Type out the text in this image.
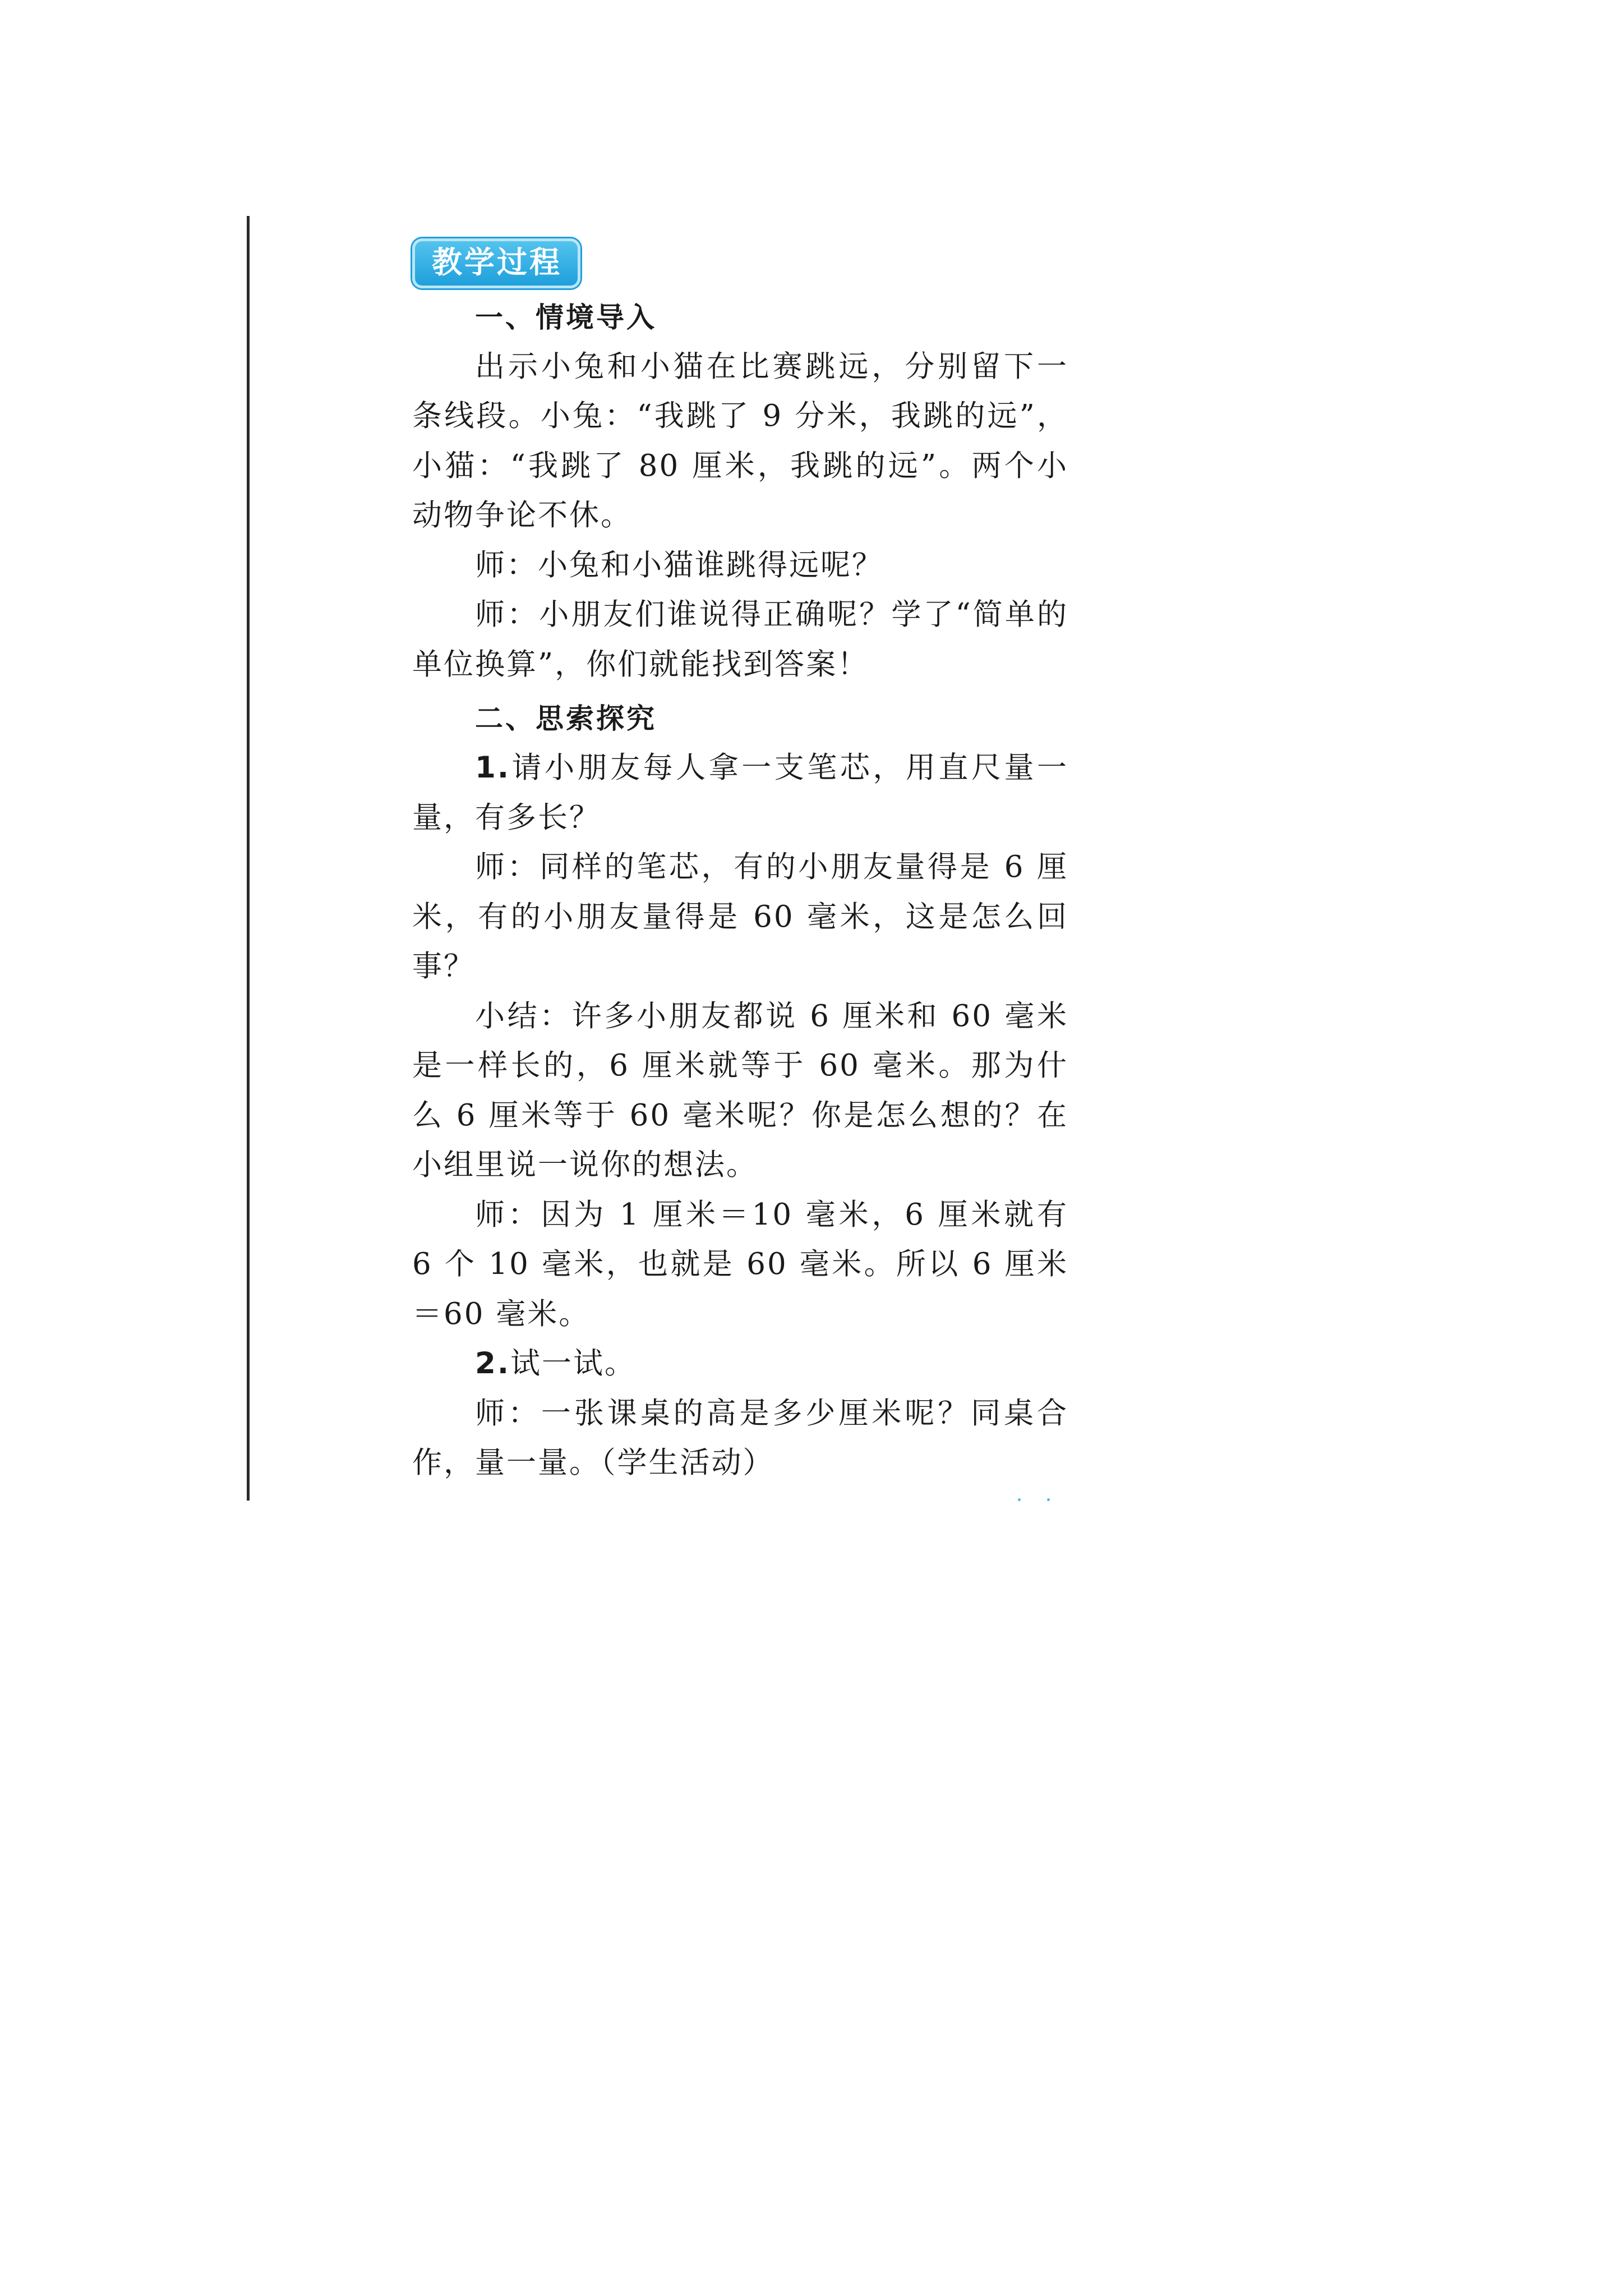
教学过程
一、情境导入

出示小兔和小猫在比赛跳远，分别留下一条线段。小兔：“我跳了 9 分米，我跳的远”，小猫：“我跳了 80 厘米，我跳的远”。两个小动物争论不休。

师：小兔和小猫谁跳得远呢？

师：小朋友们谁说得正确呢？学了“简单的单位换算”，你们就能找到答案！

二、思索探究

1.请小朋友每人拿一支笔芯，用直尺量一量，有多长？

师：同样的笔芯，有的小朋友量得是 6 厘米，有的小朋友量得是 60 毫米，这是怎么回事？

小结：许多小朋友都说 6 厘米和 60 毫米是一样长的，6 厘米就等于 60 毫米。那为什么 6 厘米等于 60 毫米呢？你是怎么想的？在小组里说一说你的想法。

师：因为 1 厘米＝10 毫米，6 厘米就有 6 个 10 毫米，也就是 60 毫米。所以 6 厘米＝60 毫米。

2.试一试。

师：一张课桌的高是多少厘米呢？同桌合作，量一量。（学生活动）
